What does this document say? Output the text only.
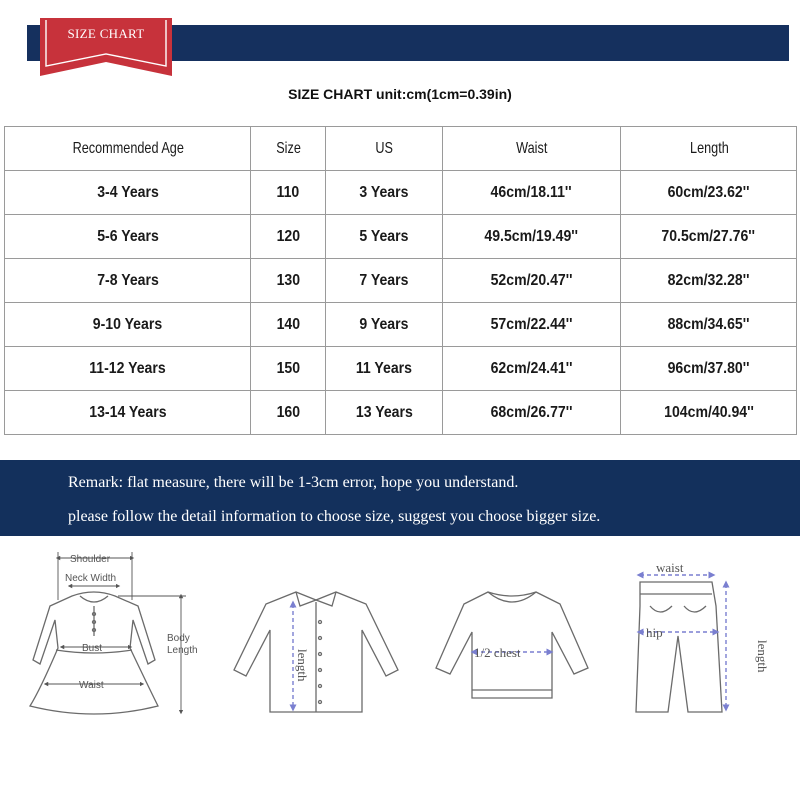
SIZE CHART
SIZE CHART unit:cm(1cm=0.39in)
Recommended Age	Size	US	Waist	Length
3-4 Years	110	3 Years	46cm/18.11''	60cm/23.62''
5-6 Years	120	5 Years	49.5cm/19.49''	70.5cm/27.76''
7-8 Years	130	7 Years	52cm/20.47''	82cm/32.28''
9-10 Years	140	9 Years	57cm/22.44''	88cm/34.65''
11-12 Years	150	11 Years	62cm/24.41''	96cm/37.80''
13-14 Years	160	13 Years	68cm/26.77''	104cm/40.94''
Remark: flat measure, there will be 1-3cm error, hope you understand.
please follow the detail information to choose size, suggest you choose bigger size.
Shoulder
Neck Width
Bust
Waist
Body
Length	length	1/2 chest
waist
hip
length
